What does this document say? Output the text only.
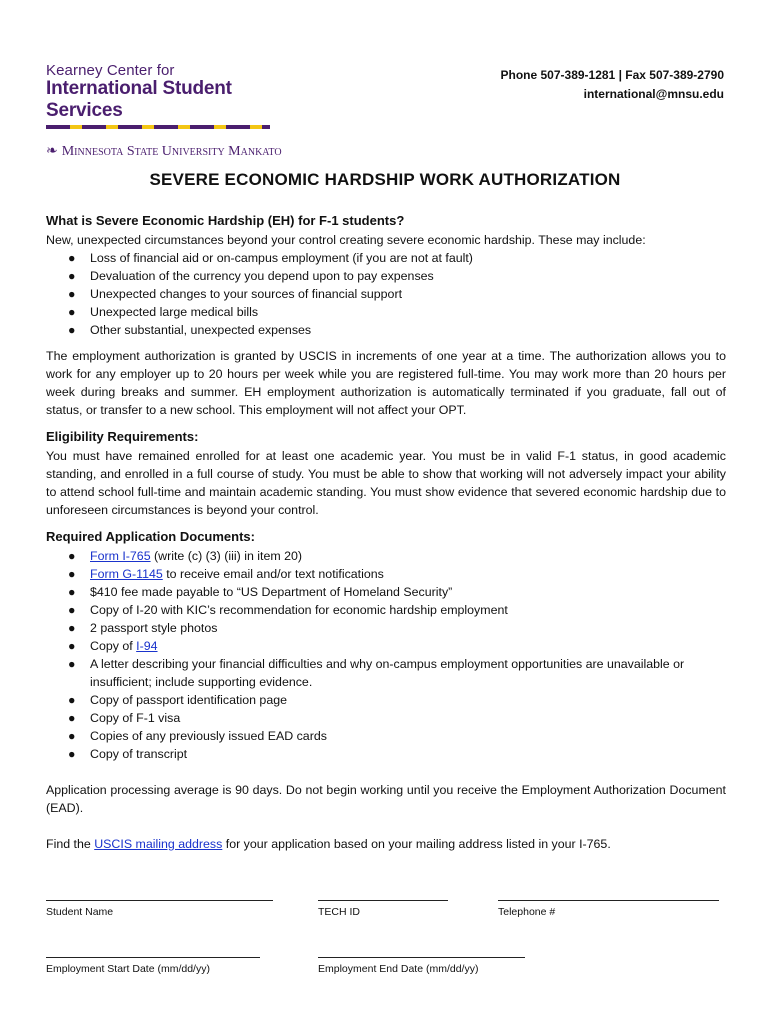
Kearney Center for
International Student Services
❧ Minnesota State University Mankato
Phone 507-389-1281 | Fax 507-389-2790
international@mnsu.edu
SEVERE ECONOMIC HARDSHIP WORK AUTHORIZATION
What is Severe Economic Hardship (EH) for F-1 students?

New, unexpected circumstances beyond your control creating severe economic hardship. These may include:

● Loss of financial aid or on-campus employment (if you are not at fault)
● Devaluation of the currency you depend upon to pay expenses
● Unexpected changes to your sources of financial support
● Unexpected large medical bills
● Other substantial, unexpected expenses

The employment authorization is granted by USCIS in increments of one year at a time. The authorization allows you to work for any employer up to 20 hours per week while you are registered full-time. You may work more than 20 hours per week during breaks and summer. EH employment authorization is automatically terminated if you graduate, fall out of status, or transfer to a new school. This employment will not affect your OPT.

Eligibility Requirements:

You must have remained enrolled for at least one academic year. You must be in valid F-1 status, in good academic standing, and enrolled in a full course of study. You must be able to show that working will not adversely impact your ability to attend school full-time and maintain academic standing. You must show evidence that severed economic hardship due to unforeseen circumstances is beyond your control.

Required Application Documents:
● Form I-765 (write (c) (3) (iii) in item 20)
● Form G-1145 to receive email and/or text notifications
● $410 fee made payable to “US Department of Homeland Security”
● Copy of I-20 with KIC’s recommendation for economic hardship employment
● 2 passport style photos
● Copy of I-94
● A letter describing your financial difficulties and why on-campus employment opportunities are unavailable or insufficient; include supporting evidence.
● Copy of passport identification page
● Copy of F-1 visa
● Copies of any previously issued EAD cards
● Copy of transcript

Application processing average is 90 days. Do not begin working until you receive the Employment Authorization Document (EAD).

Find the USCIS mailing address for your application based on your mailing address listed in your I-765.

Student Name	TECH ID	Telephone #
Employment Start Date (mm/dd/yy)	Employment End Date (mm/dd/yy)
